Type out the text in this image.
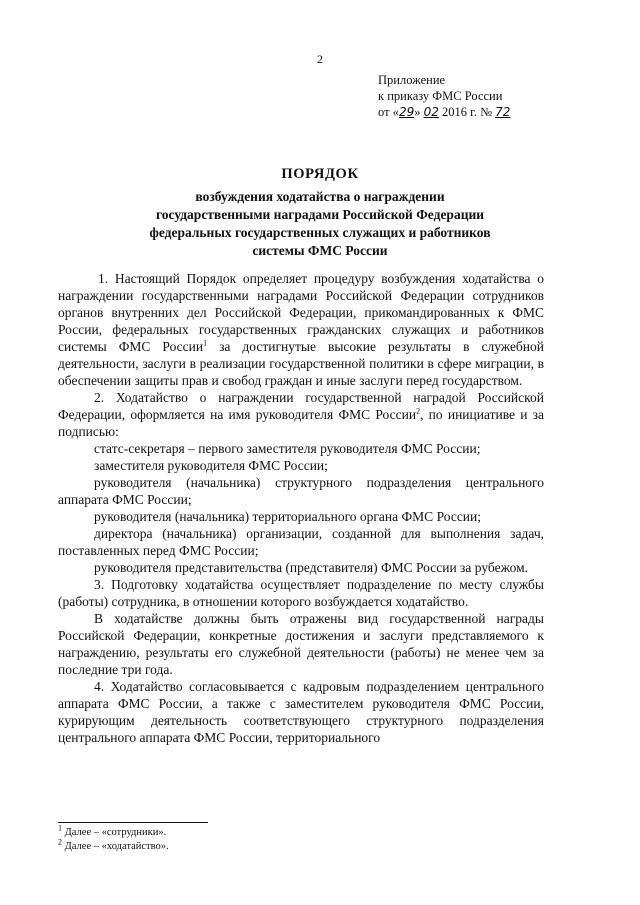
2
Приложение
к приказу ФМС России
от «29» 02 2016 г. № 72
ПОРЯДОК
возбуждения ходатайства о награждении
государственными наградами Российской Федерации
федеральных государственных служащих и работников
системы ФМС России

1. Настоящий Порядок определяет процедуру возбуждения ходатайства о награждении государственными наградами Российской Федерации сотрудников органов внутренних дел Российской Федерации, прикомандированных к ФМС России, федеральных государственных гражданских служащих и работников системы ФМС России$^1$ за достигнутые высокие результаты в служебной деятельности, заслуги в реализации государственной политики в сфере миграции, в обеспечении защиты прав и свобод граждан и иные заслуги перед государством.

2. Ходатайство о награждении государственной наградой Российской Федерации, оформляется на имя руководителя ФМС России$^2$, по инициативе и за подписью:

статс-секретаря – первого заместителя руководителя ФМС России;

заместителя руководителя ФМС России;

руководителя (начальника) структурного подразделения центрального аппарата ФМС России;

руководителя (начальника) территориального органа ФМС России;

директора (начальника) организации, созданной для выполнения задач, поставленных перед ФМС России;

руководителя представительства (представителя) ФМС России за рубежом.

3. Подготовку ходатайства осуществляет подразделение по месту службы (работы) сотрудника, в отношении которого возбуждается ходатайство.

В ходатайстве должны быть отражены вид государственной награды Российской Федерации, конкретные достижения и заслуги представляемого к награждению, результаты его служебной деятельности (работы) не менее чем за последние три года.

4. Ходатайство согласовывается с кадровым подразделением центрального аппарата ФМС России, а также с заместителем руководителя ФМС России, курирующим деятельность соответствующего структурного подразделения центрального аппарата ФМС России, территориального

$^1$ Далее – «сотрудники».
$^2$ Далее – «ходатайство».
